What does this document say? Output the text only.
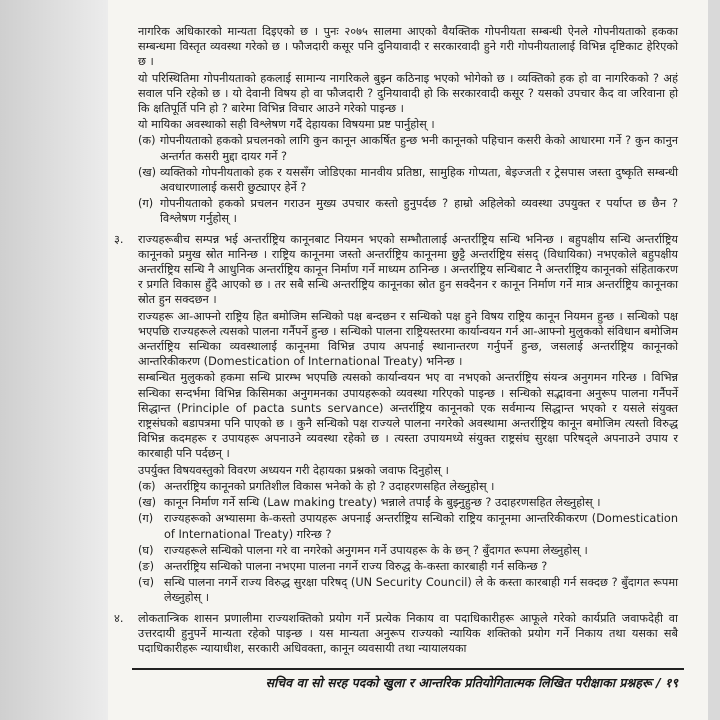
नागरिक अधिकारको मान्यता दिइएको छ । पुनः २०७५ सालमा आएको वैयक्तिक गोपनीयता सम्बन्धी ऐनले गोपनीयताको हकका सम्बन्धमा विस्तृत व्यवस्था गरेको छ । फौजदारी कसूर पनि दुनियावादी र सरकारवादी हुने गरी गोपनीयतालाई विभिन्न दृष्टिकाट हेरिएको छ ।

यो परिस्थितिमा गोपनीयताको हकलाई सामान्य नागरिकले बुझ्न कठिनाइ भएको भोगेको छ । व्यक्तिको हक हो वा नागरिकको ? अहं सवाल पनि रहेको छ । यो देवानी विषय हो वा फौजदारी ? दुनियावादी हो कि सरकारवादी कसूर ? यसको उपचार कैद वा जरिवाना हो कि क्षतिपूर्ति पनि हो ? बारेमा विभिन्न विचार आउने गरेको पाइन्छ ।

यो मायिका अवस्थाको सही विश्लेषण गर्दै देहायका विषयमा प्रष्ट पार्नुहोस् ।

(क) गोपनीयताको हकको प्रचलनको लागि कुन कानून आकर्षित हुन्छ भनी कानूनको पहिचान कसरी केको आधारमा गर्ने ? कुन कानुन अन्तर्गत कसरी मुद्दा दायर गर्ने ?
(ख) व्यक्तिको गोपनीयताको हक र यससँग जोडिएका मानवीय प्रतिष्ठा, सामुहिक गोप्यता, बेइज्जती र ट्रेसपास जस्ता दुष्कृति सम्बन्धी अवधारणालाई कसरी छुट्याएर हेर्ने ?
(ग) गोपनीयताको हकको प्रचलन गराउन मुख्य उपचार कस्तो हुनुपर्दछ ? हाम्रो अहिलेको व्यवस्था उपयुक्त र पर्याप्त छ छैन ? विश्लेषण गर्नुहोस् ।
३. राज्यहरूबीच सम्पन्न भई अन्तर्राष्ट्रिय कानूनबाट नियमन भएको सम्भौतालाई अन्तर्राष्ट्रिय सन्धि भनिन्छ । बहुपक्षीय सन्धि अन्तर्राष्ट्रिय कानूनको प्रमुख स्रोत मानिन्छ । राष्ट्रिय कानूनमा जस्तो अन्तर्राष्ट्रिय कानूनमा छुट्टै अन्तर्राष्ट्रिय संसद् (विधायिका) नभएकोले बहुपक्षीय अन्तर्राष्ट्रिय सन्धि नै आधुनिक अन्तर्राष्ट्रिय कानून निर्माण गर्ने माध्यम ठानिन्छ । अन्तर्राष्ट्रिय सन्धिबाट नै अन्तर्राष्ट्रिय कानूनको संहिताकरण र प्रगति विकास हुँदै आएको छ । तर सबै सन्धि अन्तर्राष्ट्रिय कानूनका स्रोत हुन सक्दैनन र कानून निर्माण गर्ने मात्र अन्तर्राष्ट्रिय कानूनका स्रोत हुन सक्दछन ।

राज्यहरू आ-आफ्नो राष्ट्रिय हित बमोजिम सन्धिको पक्ष बन्दछन र सन्धिको पक्ष हुने विषय राष्ट्रिय कानून नियमन हुन्छ । सन्धिको पक्ष भएपछि राज्यहरूले त्यसको पालना गर्नैपर्ने हुन्छ । सन्धिको पालना राष्ट्रियस्तरमा कार्यान्वयन गर्न आ-आफ्नो मुलुकको संविधान बमोजिम अन्तर्राष्ट्रिय सन्धिका व्यवस्थालाई कानूनमा विभिन्न उपाय अपनाई स्थानान्तरण गर्नुपर्ने हुन्छ, जसलाई अन्तर्राष्ट्रिय कानूनको आन्तरिकीकरण (Domestication of International Treaty) भनिन्छ ।

सम्बन्धित मुलुकको हकमा सन्धि प्रारम्भ भएपछि त्यसको कार्यान्वयन भए वा नभएको अन्तर्राष्ट्रिय संयन्त्र अनुगमन गरिन्छ । विभिन्न सन्धिका सन्दर्भमा विभिन्न किसिमका अनुगमनका उपायहरूको व्यवस्था गरिएको पाइन्छ । सन्धिको सद्भावना अनुरूप पालना गर्नैपर्ने सिद्धान्त (Principle of pacta sunts servance) अन्तर्राष्ट्रिय कानूनको एक सर्वमान्य सिद्धान्त भएको र यसले संयुक्त राष्ट्रसंघको बडापत्रमा पनि पाएको छ । कुनै सन्धिको पक्ष राज्यले पालना नगरेको अवस्थामा अन्तर्राष्ट्रिय कानून बमोजिम त्यस्तो विरुद्ध विभिन्न कदमहरू र उपायहरू अपनाउने व्यवस्था रहेको छ । त्यस्ता उपायमध्ये संयुक्त राष्ट्रसंघ सुरक्षा परिषद्ले अपनाउने उपाय र कारबाही पनि पर्दछन् ।

उपर्युक्त विषयवस्तुको विवरण अध्ययन गरी देहायका प्रश्नको जवाफ दिनुहोस् ।

(क) अन्तर्राष्ट्रिय कानूनको प्रगतिशील विकास भनेको के हो ? उदाहरणसहित लेख्नुहोस् ।
(ख) कानून निर्माण गर्ने सन्धि (Law making treaty) भन्नाले तपाईं के बुझ्नुहुन्छ ? उदाहरणसहित लेख्नुहोस् ।
(ग) राज्यहरूको अभ्यासमा के-कस्तो उपायहरू अपनाई अन्तर्राष्ट्रिय सन्धिको राष्ट्रिय कानूनमा आन्तरिकीकरण (Domestication of International Treaty) गरिन्छ ?
(घ) राज्यहरूले सन्धिको पालना गरे वा नगरेको अनुगमन गर्ने उपायहरू के के छन् ? बुँदागत रूपमा लेख्नुहोस् ।
(ङ) अन्तर्राष्ट्रिय सन्धिको पालना नभएमा पालना नगर्ने राज्य विरुद्ध के-कस्ता कारबाही गर्न सकिन्छ ?
(च) सन्धि पालना नगर्ने राज्य विरुद्ध सुरक्षा परिषद् (UN Security Council) ले के कस्ता कारबाही गर्न सक्दछ ? बुँदागत रूपमा लेख्नुहोस् ।
४. लोकतान्त्रिक शासन प्रणालीमा राज्यशक्तिको प्रयोग गर्ने प्रत्येक निकाय वा पदाधिकारीहरू आफूले गरेको कार्यप्रति जवाफदेही वा उत्तरदायी हुनुपर्ने मान्यता रहेको पाइन्छ । यस मान्यता अनुरूप राज्यको न्यायिक शक्तिको प्रयोग गर्ने निकाय तथा यसका सबै पदाधिकारीहरू न्यायाधीश, सरकारी अधिवक्ता, कानून व्यवसायी तथा न्यायालयका

सचिव वा सो सरह पदको खुला र आन्तरिक प्रतियोगितात्मक लिखित परीक्षाका प्रश्नहरू / १९
